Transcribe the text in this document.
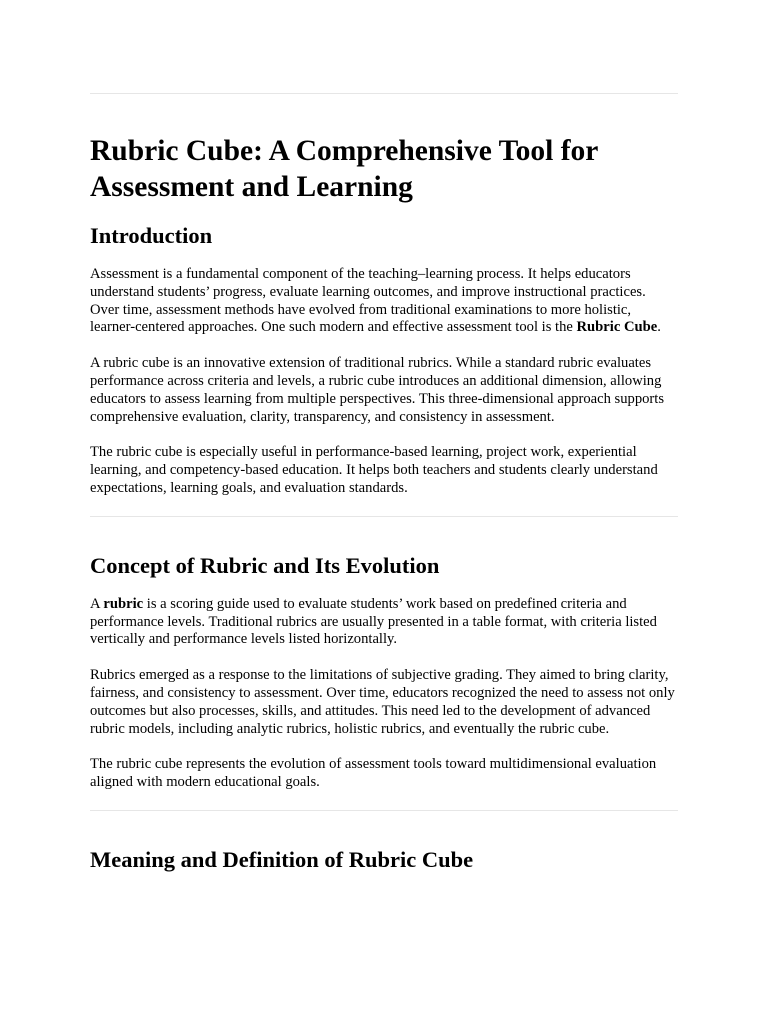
Rubric Cube: A Comprehensive Tool for Assessment and Learning
Introduction

Assessment is a fundamental component of the teaching–learning process. It helps educators understand students’ progress, evaluate learning outcomes, and improve instructional practices. Over time, assessment methods have evolved from traditional examinations to more holistic, learner-centered approaches. One such modern and effective assessment tool is the Rubric Cube.

A rubric cube is an innovative extension of traditional rubrics. While a standard rubric evaluates performance across criteria and levels, a rubric cube introduces an additional dimension, allowing educators to assess learning from multiple perspectives. This three-dimensional approach supports comprehensive evaluation, clarity, transparency, and consistency in assessment.

The rubric cube is especially useful in performance-based learning, project work, experiential learning, and competency-based education. It helps both teachers and students clearly understand expectations, learning goals, and evaluation standards.

Concept of Rubric and Its Evolution

A rubric is a scoring guide used to evaluate students’ work based on predefined criteria and performance levels. Traditional rubrics are usually presented in a table format, with criteria listed vertically and performance levels listed horizontally.

Rubrics emerged as a response to the limitations of subjective grading. They aimed to bring clarity, fairness, and consistency to assessment. Over time, educators recognized the need to assess not only outcomes but also processes, skills, and attitudes. This need led to the development of advanced rubric models, including analytic rubrics, holistic rubrics, and eventually the rubric cube.

The rubric cube represents the evolution of assessment tools toward multidimensional evaluation aligned with modern educational goals.

Meaning and Definition of Rubric Cube
